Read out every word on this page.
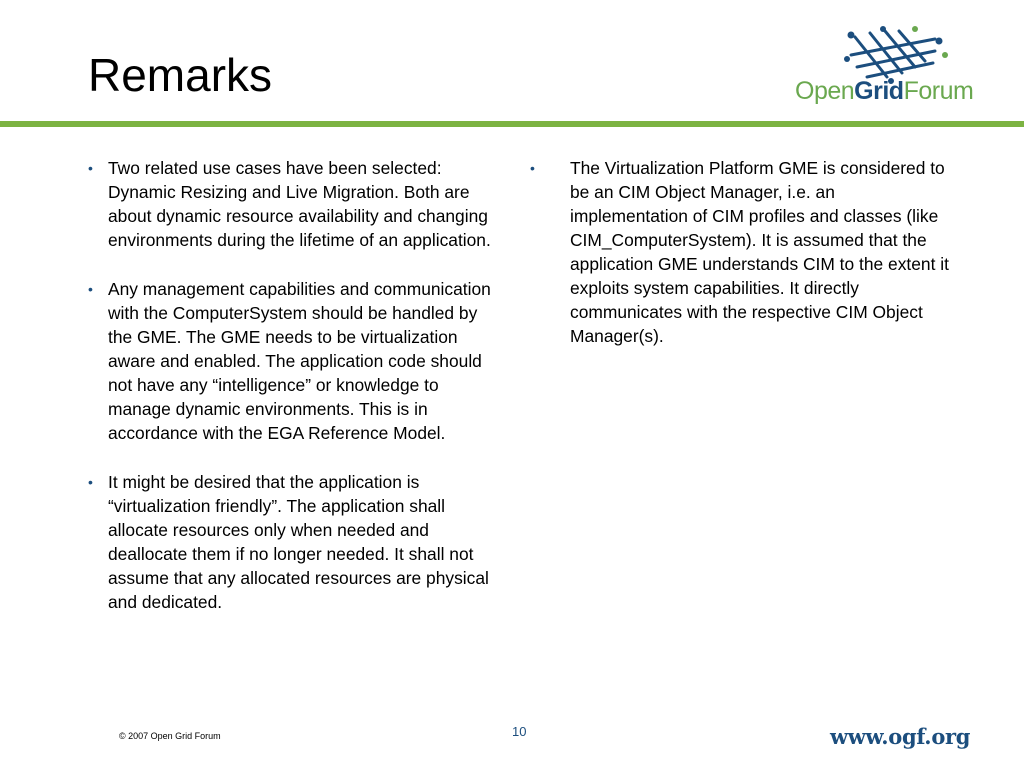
Remarks	OpenGridForum
• Two related use cases have been selected: Dynamic Resizing and Live Migration. Both are about dynamic resource availability and changing environments during the lifetime of an application.
• Any management capabilities and communication with the ComputerSystem should be handled by the GME. The GME needs to be virtualization aware and enabled. The application code should not have any “intelligence” or knowledge to manage dynamic environments. This is in accordance with the EGA Reference Model.
• It might be desired that the application is “virtualization friendly”. The application shall allocate resources only when needed and deallocate them if no longer needed. It shall not assume that any allocated resources are physical and dedicated.
• The Virtualization Platform GME is considered to be an CIM Object Manager, i.e. an implementation of CIM profiles and classes (like CIM_ComputerSystem). It is assumed that the application GME understands CIM to the extent it exploits system capabilities. It directly communicates with the respective CIM Object Manager(s).
© 2007 Open Grid Forum	10	www.ogf.org
